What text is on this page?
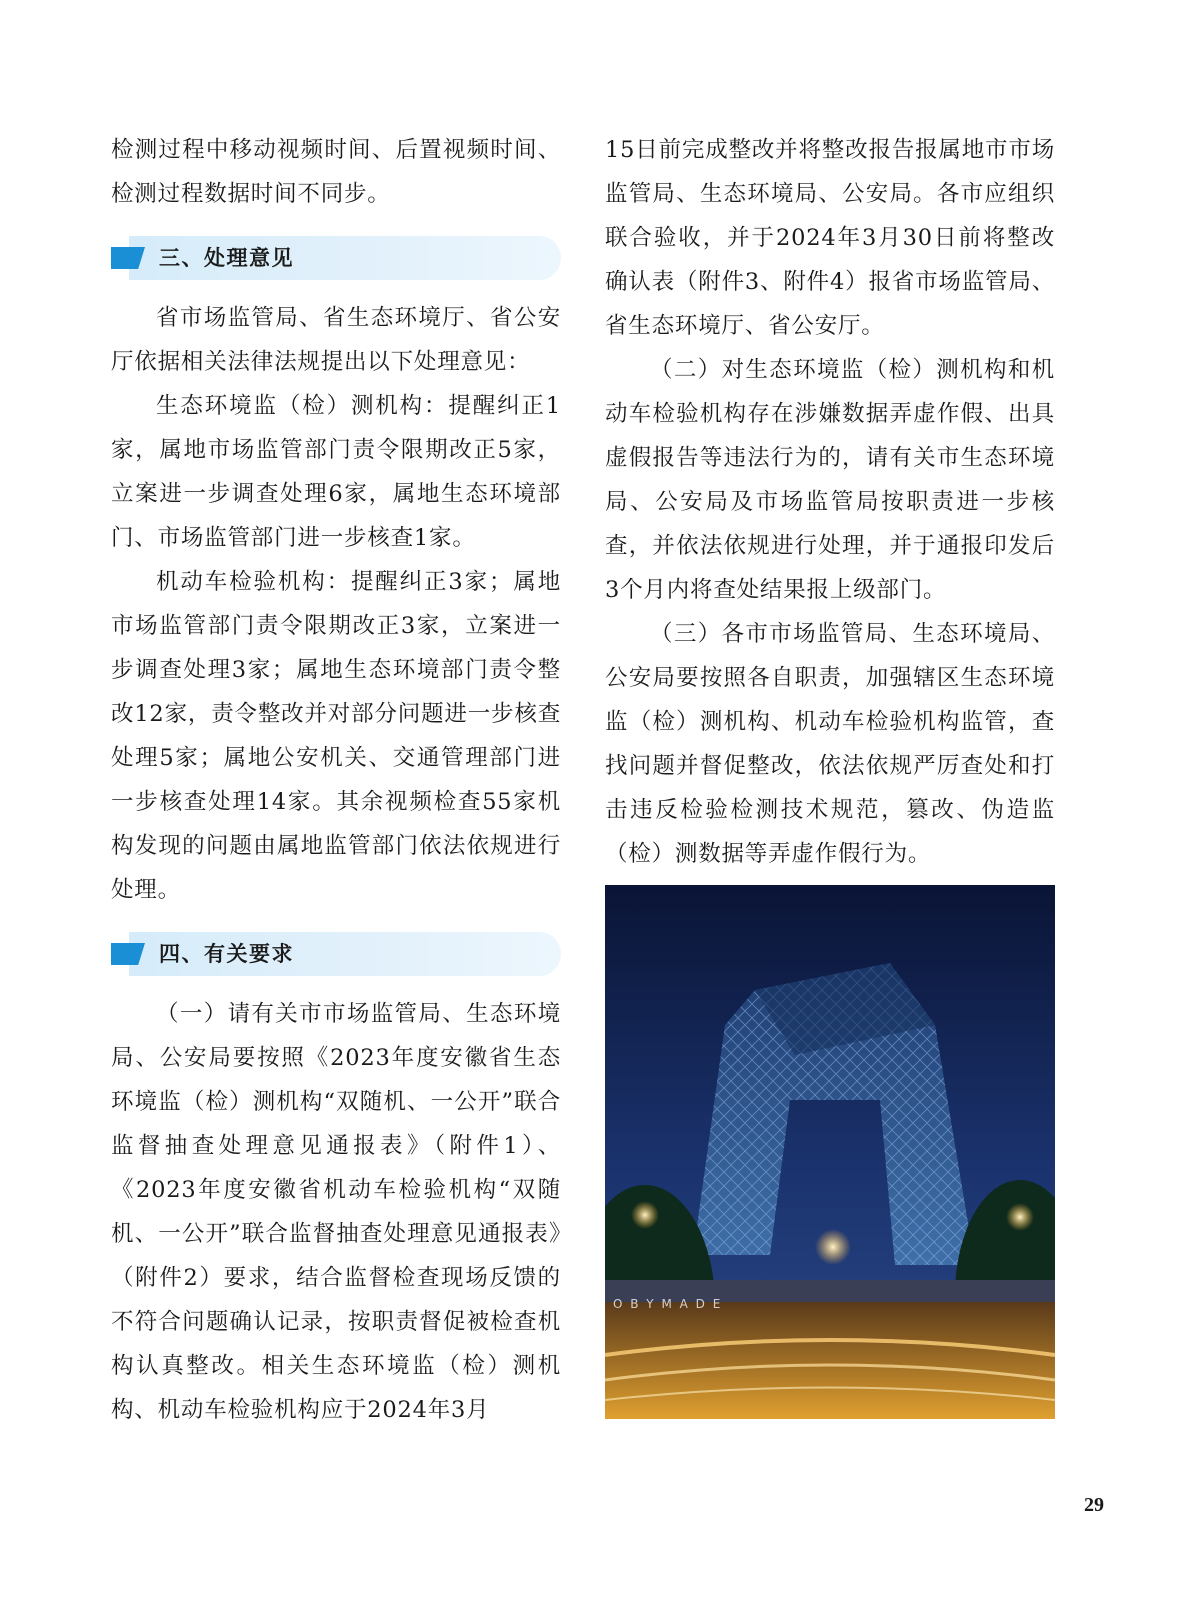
检测过程中移动视频时间、后置视频时间、检测过程数据时间不同步。

三、处理意见

省市场监管局、省生态环境厅、省公安厅依据相关法律法规提出以下处理意见：

生态环境监（检）测机构：提醒纠正1家，属地市场监管部门责令限期改正5家，立案进一步调查处理6家，属地生态环境部门、市场监管部门进一步核查1家。

机动车检验机构：提醒纠正3家；属地市场监管部门责令限期改正3家，立案进一步调查处理3家；属地生态环境部门责令整改12家，责令整改并对部分问题进一步核查处理5家；属地公安机关、交通管理部门进一步核查处理14家。其余视频检查55家机构发现的问题由属地监管部门依法依规进行处理。

四、有关要求

（一）请有关市市场监管局、生态环境局、公安局要按照《2023年度安徽省生态环境监（检）测机构“双随机、一公开”联合监督抽查处理意见通报表》（附件1）、《2023年度安徽省机动车检验机构“双随机、一公开”联合监督抽查处理意见通报表》（附件2）要求，结合监督检查现场反馈的不符合问题确认记录，按职责督促被检查机构认真整改。相关生态环境监（检）测机构、机动车检验机构应于2024年3月

15日前完成整改并将整改报告报属地市市场监管局、生态环境局、公安局。各市应组织联合验收，并于2024年3月30日前将整改确认表（附件3、附件4）报省市场监管局、省生态环境厅、省公安厅。

（二）对生态环境监（检）测机构和机动车检验机构存在涉嫌数据弄虚作假、出具虚假报告等违法行为的，请有关市生态环境局、公安局及市场监管局按职责进一步核查，并依法依规进行处理，并于通报印发后3个月内将查处结果报上级部门。

（三）各市市场监管局、生态环境局、公安局要按照各自职责，加强辖区生态环境监（检）测机构、机动车检验机构监管，查找问题并督促整改，依法依规严厉查处和打击违反检验检测技术规范，篡改、伪造监（检）测数据等弄虚作假行为。

O B Y M A D E
29
